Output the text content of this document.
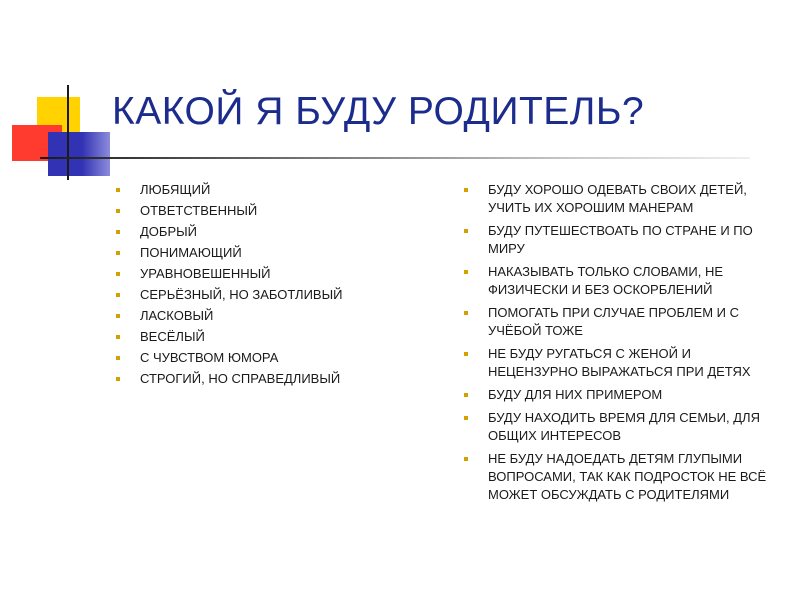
КАКОЙ Я БУДУ РОДИТЕЛЬ?
ЛЮБЯЩИЙ
ОТВЕТСТВЕННЫЙ
ДОБРЫЙ
ПОНИМАЮЩИЙ
УРАВНОВЕШЕННЫЙ
СЕРЬЁЗНЫЙ, НО ЗАБОТЛИВЫЙ
ЛАСКОВЫЙ
ВЕСЁЛЫЙ
С ЧУВСТВОМ ЮМОРА
СТРОГИЙ, НО СПРАВЕДЛИВЫЙ
БУДУ ХОРОШО ОДЕВАТЬ СВОИХ ДЕТЕЙ, УЧИТЬ ИХ ХОРОШИМ МАНЕРАМ
БУДУ ПУТЕШЕСТВОАТЬ ПО СТРАНЕ И ПО МИРУ
НАКАЗЫВАТЬ ТОЛЬКО СЛОВАМИ, НЕ ФИЗИЧЕСКИ И БЕЗ ОСКОРБЛЕНИЙ
ПОМОГАТЬ ПРИ СЛУЧАЕ ПРОБЛЕМ И С УЧЁБОЙ ТОЖЕ
НЕ БУДУ РУГАТЬСЯ С ЖЕНОЙ И НЕЦЕНЗУРНО ВЫРАЖАТЬСЯ ПРИ ДЕТЯХ
БУДУ ДЛЯ НИХ ПРИМЕРОМ
БУДУ НАХОДИТЬ ВРЕМЯ ДЛЯ СЕМЬИ, ДЛЯ ОБЩИХ ИНТЕРЕСОВ
НЕ БУДУ НАДОЕДАТЬ ДЕТЯМ ГЛУПЫМИ ВОПРОСАМИ, ТАК КАК ПОДРОСТОК НЕ ВСЁ МОЖЕТ ОБСУЖДАТЬ С РОДИТЕЛЯМИ
